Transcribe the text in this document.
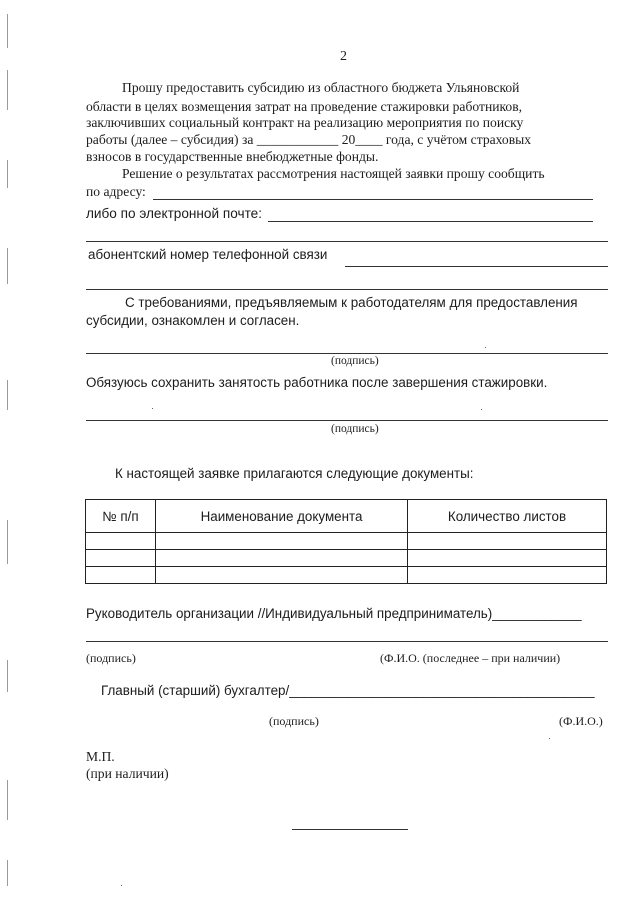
2
Прошу предоставить субсидию из областного бюджета Ульяновской
области в целях возмещения затрат на проведение стажировки работников,
заключивших социальный контракт на реализацию мероприятия по поиску
работы (далее – субсидия) за ____________ 20____ года, с учётом страховых
взносов в государственные внебюджетные фонды.
Решение о результатах рассмотрения настоящей заявки прошу сообщить
по адресу:
либо по электронной почте:
абонентский номер телефонной связи
С требованиями, предъявляемым к работодателям для предоставления
субсидии, ознакомлен и согласен.
(подпись)
Обязуюсь сохранить занятость работника после завершения стажировки.
(подпись)
К настоящей заявке прилагаются следующие документы:
№ п/п	Наименование документа	Количество листов

Руководитель организации //Индивидуальный предприниматель)____________
(подпись)	(Ф.И.О. (последнее – при наличии)
Главный (старший) бухгалтер/_________________________________________
(подпись)	(Ф.И.О.)
М.П.
(при наличии)
